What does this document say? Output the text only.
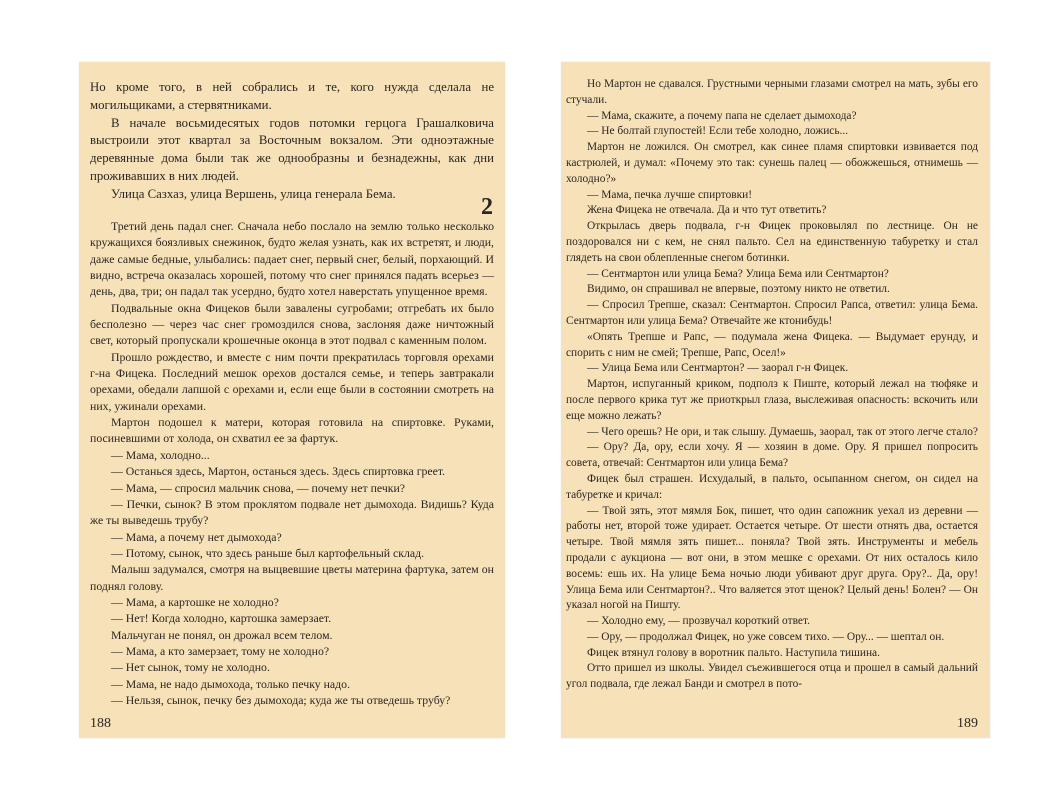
Но кроме того, в ней собрались и те, кого нужда сделала не могильщиками, а стервятниками.

В начале восьмидесятых годов потомки герцога Грашалковича выстроили этот квартал за Восточным вокзалом. Эти одноэтажные деревянные дома были так же однообразны и безнадежны, как дни проживавших в них людей.

Улица Сазхаз, улица Вершень, улица генерала Бема.

2

Третий день падал снег. Сначала небо послало на землю только несколько кружащихся боязливых снежинок, будто желая узнать, как их встретят, и люди, даже самые бедные, улыбались: падает снег, первый снег, белый, порхающий. И видно, встреча оказалась хорошей, потому что снег принялся падать всерьез — день, два, три; он падал так усердно, будто хотел наверстать упущенное время.

Подвальные окна Фицеков были завалены сугробами; отгребать их было бесполезно — через час снег громоздился снова, заслоняя даже ничтожный свет, который пропускали крошечные оконца в этот подвал с каменным полом.

Прошло рождество, и вместе с ним почти прекратилась торговля орехами г-на Фицека. Последний мешок орехов достался семье, и теперь завтракали орехами, обедали лапшой с орехами и, если еще были в состоянии смотреть на них, ужинали орехами.

Мартон подошел к матери, которая готовила на спиртовке. Руками, посиневшими от холода, он схватил ее за фартук.

— Мама, холодно...

— Останься здесь, Мартон, останься здесь. Здесь спиртовка греет.

— Мама, — спросил мальчик снова, — почему нет печки?

— Печки, сынок? В этом проклятом подвале нет дымохода. Видишь? Куда же ты выведешь трубу?

— Мама, а почему нет дымохода?

— Потому, сынок, что здесь раньше был картофельный склад.

Малыш задумался, смотря на выцвевшие цветы материна фартука, затем он поднял голову.

— Мама, а картошке не холодно?

— Нет! Когда холодно, картошка замерзает.

Мальчуган не понял, он дрожал всем телом.

— Мама, а кто замерзает, тому не холодно?

— Нет сынок, тому не холодно.

— Мама, не надо дымохода, только печку надо.

— Нельзя, сынок, печку без дымохода; куда же ты отведешь трубу?

188

Но Мартон не сдавался. Грустными черными глазами смотрел на мать, зубы его стучали.

— Мама, скажите, а почему папа не сделает дымохода?

— Не болтай глупостей! Если тебе холодно, ложись...

Мартон не ложился. Он смотрел, как синее пламя спиртовки извивается под кастрюлей, и думал: «Почему это так: сунешь палец — обожжешься, отнимешь — холодно?»

— Мама, печка лучше спиртовки!

Жена Фицека не отвечала. Да и что тут ответить?

Открылась дверь подвала, г-н Фицек проковылял по лестнице. Он не поздоровался ни с кем, не снял пальто. Сел на единственную табуретку и стал глядеть на свои облепленные снегом ботинки.

— Сентмартон или улица Бема? Улица Бема или Сентмартон?

Видимо, он спрашивал не впервые, поэтому никто не ответил.

— Спросил Трепше, сказал: Сентмартон. Спросил Рапса, ответил: улица Бема. Сентмартон или улица Бема? Отвечайте же ктонибудь!

«Опять Трепше и Рапс, — подумала жена Фицека. — Выдумает ерунду, и спорить с ним не смей; Трепше, Рапс, Осел!»

— Улица Бема или Сентмартон? — заорал г-н Фицек.

Мартон, испуганный криком, подполз к Пиште, который лежал на тюфяке и после первого крика тут же приоткрыл глаза, выслеживая опасность: вскочить или еще можно лежать?

— Чего орешь? Не ори, и так слышу. Думаешь, заорал, так от этого легче стало?

— Ору? Да, ору, если хочу. Я — хозяин в доме. Ору. Я пришел попросить совета, отвечай: Сентмартон или улица Бема?

Фицек был страшен. Исхудалый, в пальто, осыпанном снегом, он сидел на табуретке и кричал:

— Твой зять, этот мямля Бок, пишет, что один сапожник уехал из деревни — работы нет, второй тоже удирает. Остается четыре. От шести отнять два, остается четыре. Твой мямля зять пишет... поняла? Твой зять. Инструменты и мебель продали с аукциона — вот они, в этом мешке с орехами. От них осталось кило восемь: ешь их. На улице Бема ночью люди убивают друг друга. Ору?.. Да, ору! Улица Бема или Сентмартон?.. Что валяется этот щенок? Целый день! Болен? — Он указал ногой на Пишту.

— Холодно ему, — прозвучал короткий ответ.

— Ору, — продолжал Фицек, но уже совсем тихо. — Ору... — шептал он.

Фицек втянул голову в воротник пальто. Наступила тишина.

Отто пришел из школы. Увидел съежившегося отца и прошел в самый дальний угол подвала, где лежал Банди и смотрел в пото-

189
